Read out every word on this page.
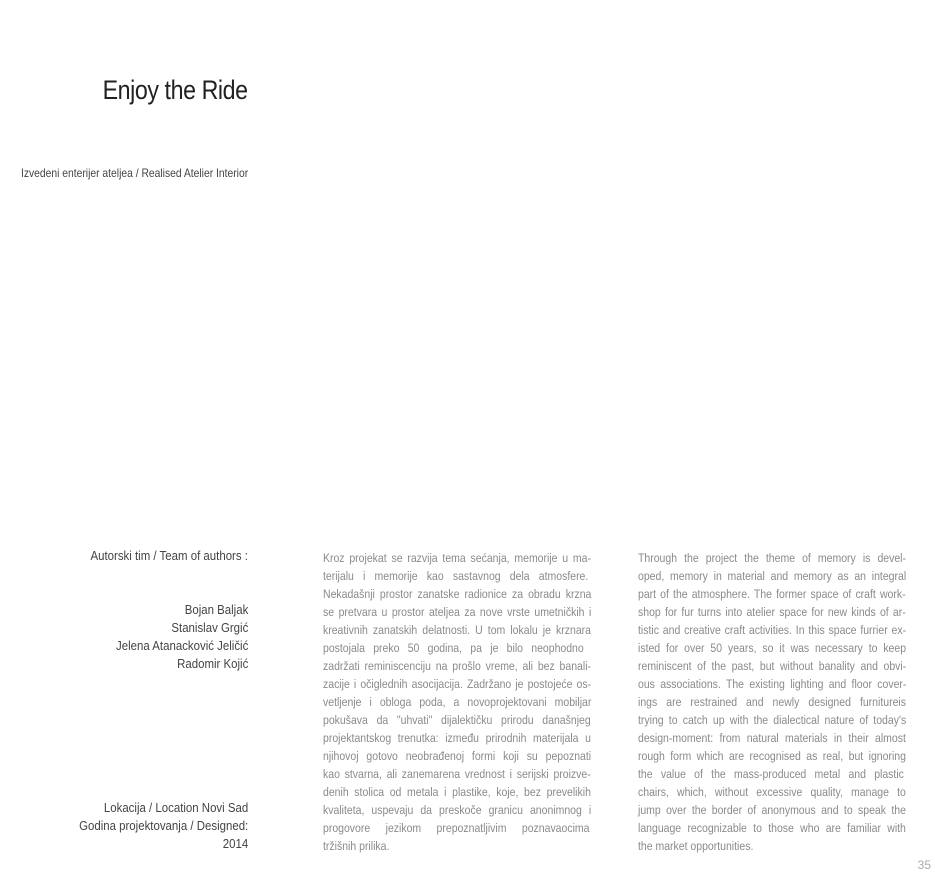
Enjoy the Ride
Izvedeni enterijer ateljea / Realised Atelier Interior
Autorski tim / Team of authors :
Bojan Baljak
Stanislav Grgić
Jelena Atanacković Jeličić
Radomir Kojić
Lokacija / Location Novi Sad
Godina projektovanja / Designed:
2014
Kroz projekat se razvija tema sećanja, memorije u ma-
terijalu i memorije kao sastavnog dela atmosfere.
Nekadašnji prostor zanatske radionice za obradu krzna
se pretvara u prostor ateljea za nove vrste umetničkih i
kreativnih zanatskih delatnosti. U tom lokalu je krznara
postojala preko 50 godina, pa je bilo neophodno
zadržati reminiscenciju na prošlo vreme, ali bez banali-
zacije i očiglednih asocijacija. Zadržano je postojeće os-
vetljenje i obloga poda, a novoprojektovani mobiljar
pokušava da "uhvati" dijalektičku prirodu današnjeg
projektantskog trenutka: između prirodnih materijala u
njihovoj gotovo neobrađenoj formi koji su pepoznati
kao stvarna, ali zanemarena vrednost i serijski proizve-
denih stolica od metala i plastike, koje, bez prevelikih
kvaliteta, uspevaju da preskoče granicu anonimnog i
progovore jezikom prepoznatljivim poznavaocima
tržišnih prilika.
Through the project the theme of memory is devel-
oped, memory in material and memory as an integral
part of the atmosphere. The former space of craft work-
shop for fur turns into atelier space for new kinds of ar-
tistic and creative craft activities. In this space furrier ex-
isted for over 50 years, so it was necessary to keep
reminiscent of the past, but without banality and obvi-
ous associations. The existing lighting and floor cover-
ings are restrained and newly designed furnitureis
trying to catch up with the dialectical nature of today's
design-moment: from natural materials in their almost
rough form which are recognised as real, but ignoring
the value of the mass-produced metal and plastic
chairs, which, without excessive quality, manage to
jump over the border of anonymous and to speak the
language recognizable to those who are familiar with
the market opportunities.
35
